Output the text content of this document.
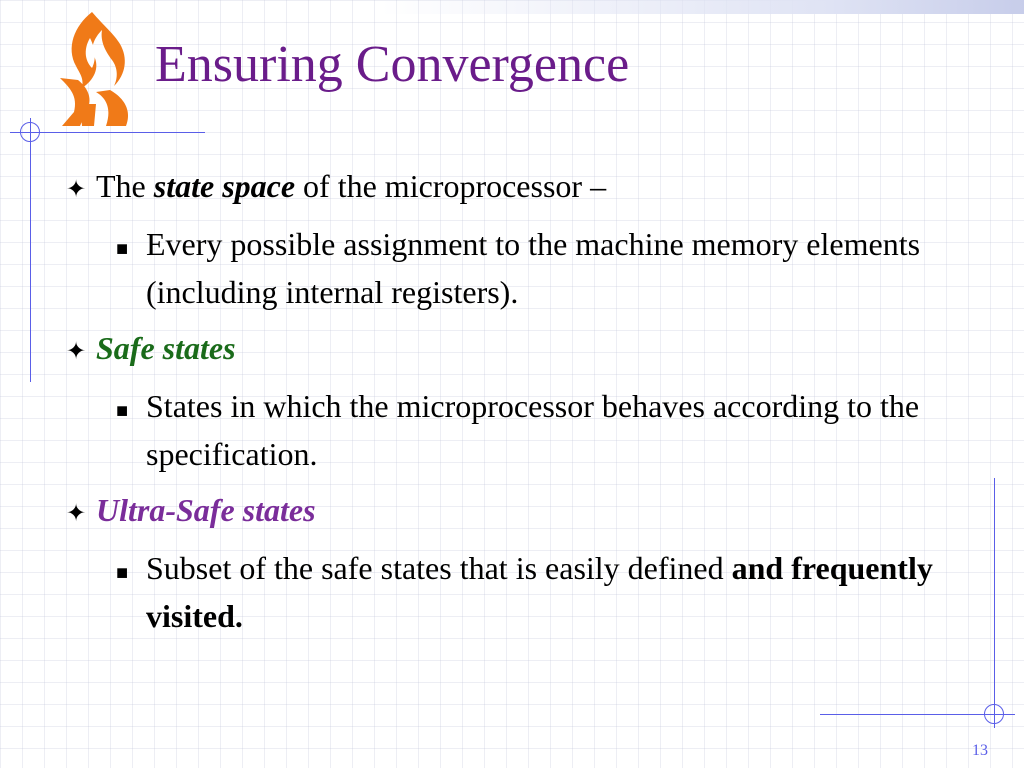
Ensuring Convergence
✦ The state space of the microprocessor –
■ Every possible assignment to the machine memory elements (including internal registers).
✦ Safe states
■ States in which the microprocessor behaves according to the specification.
✦ Ultra-Safe states
■ Subset of the safe states that is easily defined and frequently visited.
13
